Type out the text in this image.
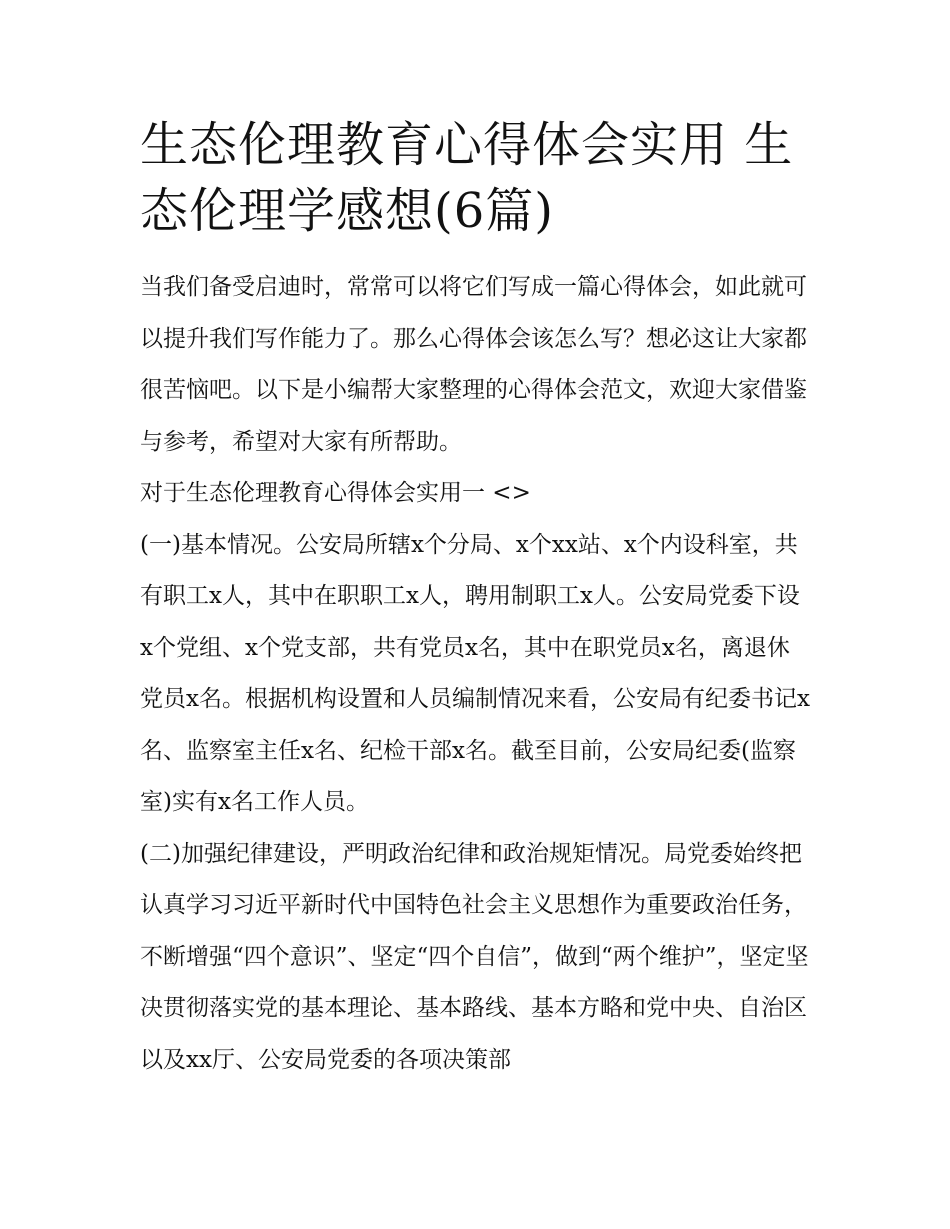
生态伦理教育心得体会实用 生态伦理学感想(6篇)

当我们备受启迪时，常常可以将它们写成一篇心得体会，如此就可以提升我们写作能力了。那么心得体会该怎么写？想必这让大家都很苦恼吧。以下是小编帮大家整理的心得体会范文，欢迎大家借鉴与参考，希望对大家有所帮助。

对于生态伦理教育心得体会实用一 <>

(一)基本情况。公安局所辖x个分局、x个xx站、x个内设科室，共有职工x人，其中在职职工x人，聘用制职工x人。公安局党委下设x个党组、x个党支部，共有党员x名，其中在职党员x名，离退休党员x名。根据机构设置和人员编制情况来看，公安局有纪委书记x名、监察室主任x名、纪检干部x名。截至目前，公安局纪委(监察室)实有x名工作人员。

(二)加强纪律建设，严明政治纪律和政治规矩情况。局党委始终把认真学习习近平新时代中国特色社会主义思想作为重要政治任务，不断增强“四个意识”、坚定“四个自信”，做到“两个维护”，坚定坚决贯彻落实党的基本理论、基本路线、基本方略和党中央、自治区以及xx厅、公安局党委的各项决策部
